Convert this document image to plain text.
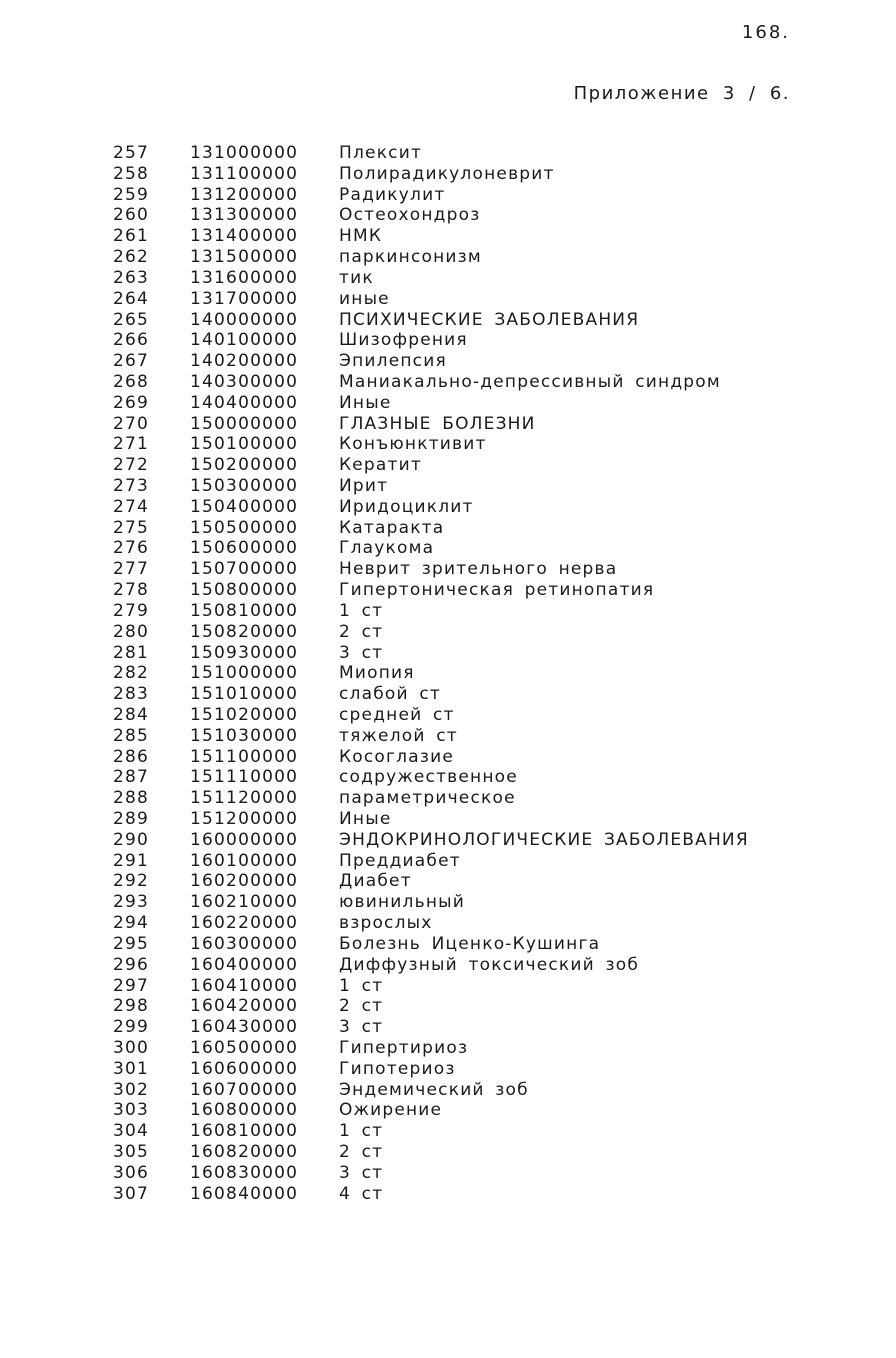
168.
Приложение 3 / 6.
257 131000000 Плексит
258 131100000 Полирадикулоневрит
259 131200000 Радикулит
260 131300000 Остеохондроз
261 131400000 НМК
262 131500000 паркинсонизм
263 131600000 тик
264 131700000 иные
265 140000000 ПСИХИЧЕСКИЕ ЗАБОЛЕВАНИЯ
266 140100000 Шизофрения
267 140200000 Эпилепсия
268 140300000 Маниакально-депрессивный синдром
269 140400000 Иные
270 150000000 ГЛАЗНЫЕ БОЛЕЗНИ
271 150100000 Конъюнктивит
272 150200000 Кератит
273 150300000 Ирит
274 150400000 Иридоциклит
275 150500000 Катаракта
276 150600000 Глаукома
277 150700000 Неврит зрительного нерва
278 150800000 Гипертоническая ретинопатия
279 150810000 1 ст
280 150820000 2 ст
281 150930000 3 ст
282 151000000 Миопия
283 151010000 слабой ст
284 151020000 средней ст
285 151030000 тяжелой ст
286 151100000 Косоглазие
287 151110000 содружественное
288 151120000 параметрическое
289 151200000 Иные
290 160000000 ЭНДОКРИНОЛОГИЧЕСКИЕ ЗАБОЛЕВАНИЯ
291 160100000 Преддиабет
292 160200000 Диабет
293 160210000 ювинильный
294 160220000 взрослых
295 160300000 Болезнь Иценко-Кушинга
296 160400000 Диффузный токсический зоб
297 160410000 1 ст
298 160420000 2 ст
299 160430000 3 ст
300 160500000 Гипертириоз
301 160600000 Гипотериоз
302 160700000 Эндемический зоб
303 160800000 Ожирение
304 160810000 1 ст
305 160820000 2 ст
306 160830000 3 ст
307 160840000 4 ст
